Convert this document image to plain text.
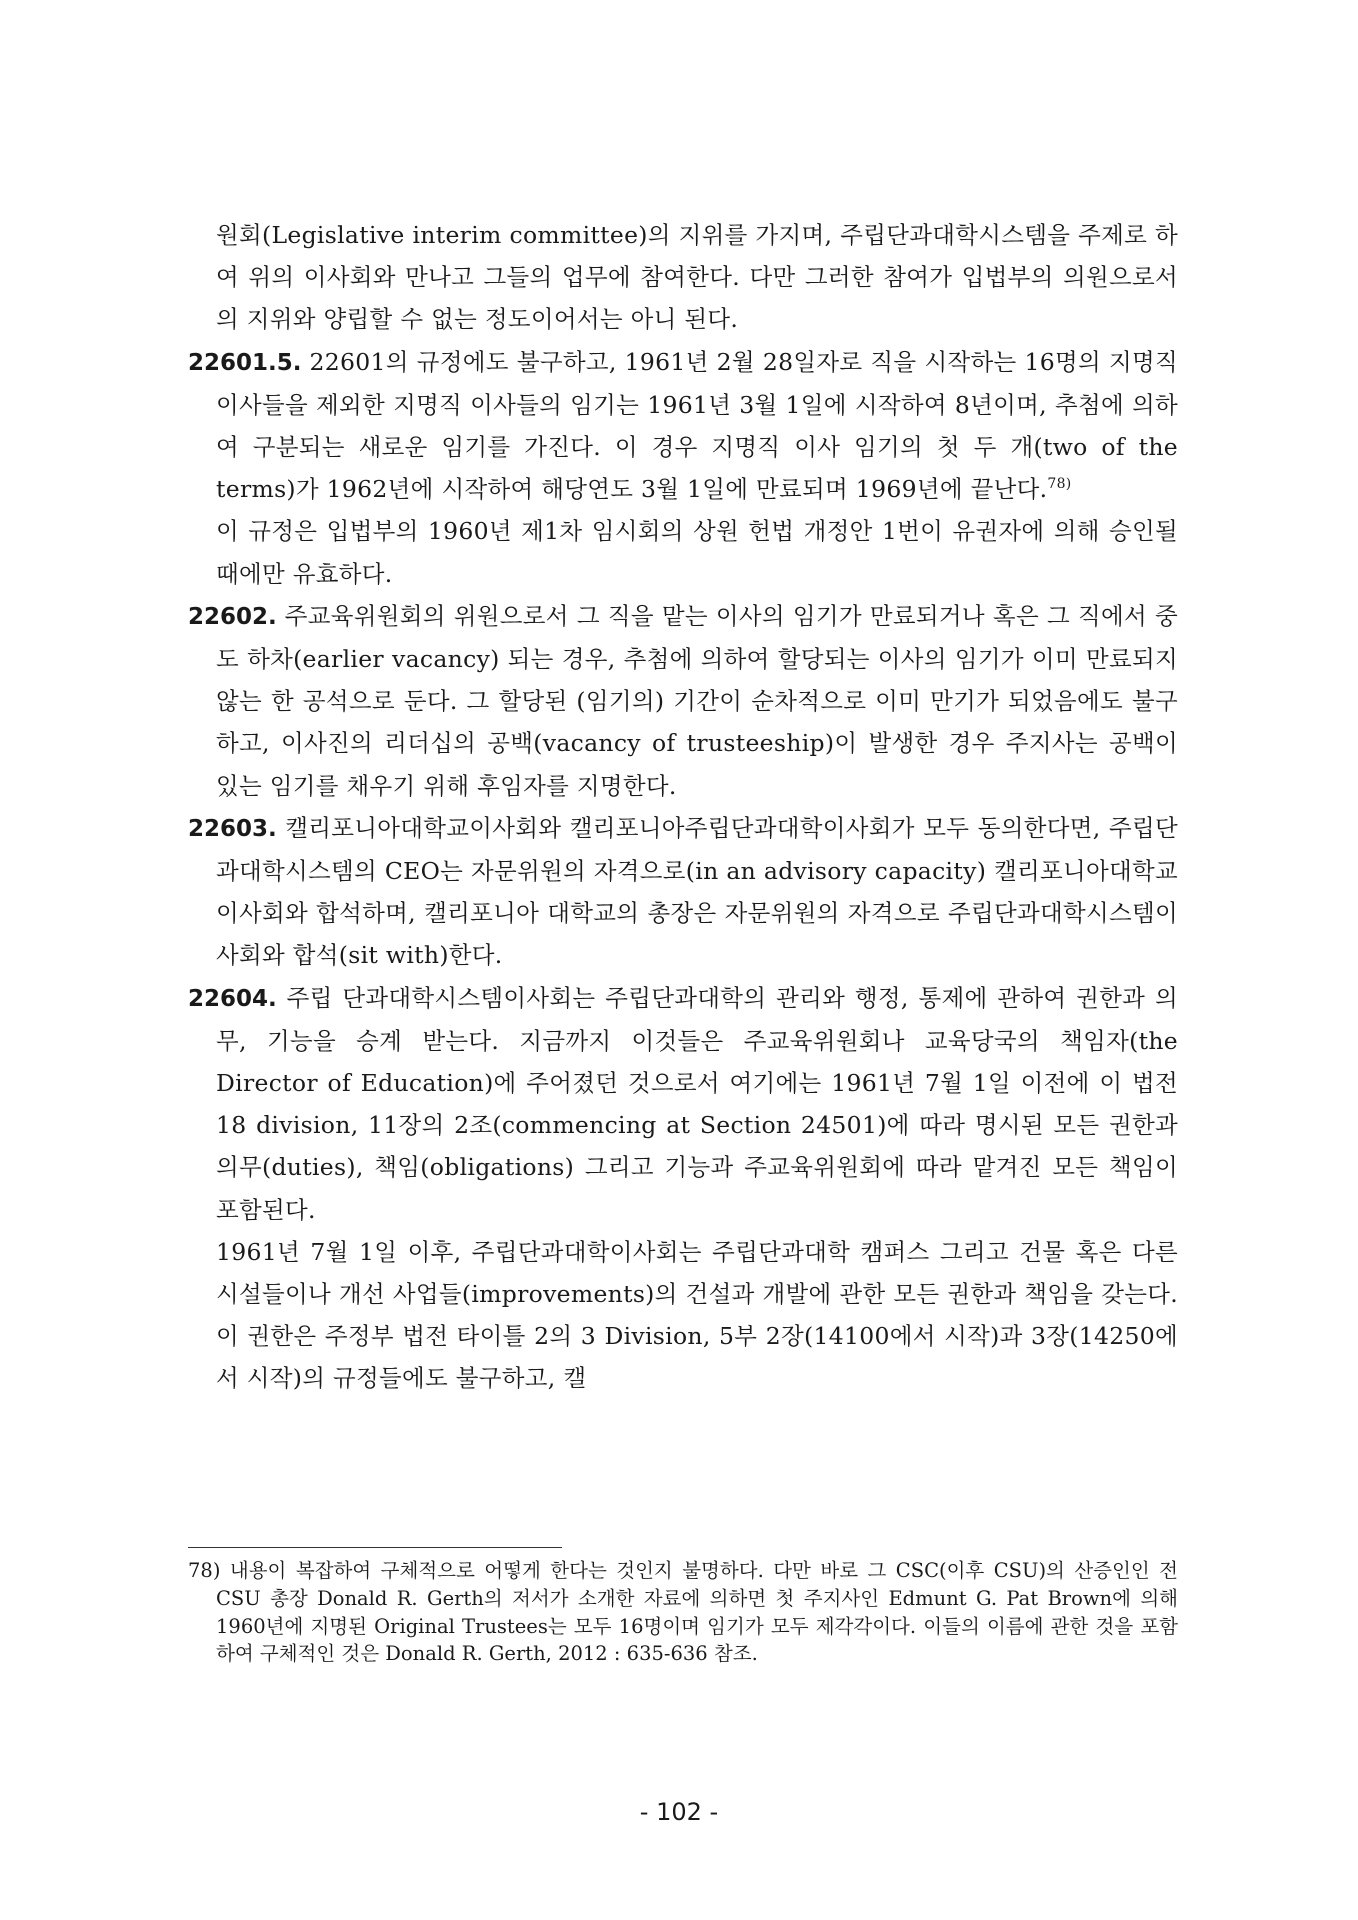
원회(Legislative interim committee)의 지위를 가지며, 주립단과대학시스템을 주제로 하여 위의 이사회와 만나고 그들의 업무에 참여한다. 다만 그러한 참여가 입법부의 의원으로서의 지위와 양립할 수 없는 정도이어서는 아니 된다.

22601.5. 22601의 규정에도 불구하고, 1961년 2월 28일자로 직을 시작하는 16명의 지명직 이사들을 제외한 지명직 이사들의 임기는 1961년 3월 1일에 시작하여 8년이며, 추첨에 의하여 구분되는 새로운 임기를 가진다. 이 경우 지명직 이사 임기의 첫 두 개(two of the terms)가 1962년에 시작하여 해당연도 3월 1일에 만료되며 1969년에 끝난다.$^{78)}$

이 규정은 입법부의 1960년 제1차 임시회의 상원 헌법 개정안 1번이 유권자에 의해 승인될 때에만 유효하다.

22602. 주교육위원회의 위원으로서 그 직을 맡는 이사의 임기가 만료되거나 혹은 그 직에서 중도 하차(earlier vacancy) 되는 경우, 추첨에 의하여 할당되는 이사의 임기가 이미 만료되지 않는 한 공석으로 둔다. 그 할당된 (임기의) 기간이 순차적으로 이미 만기가 되었음에도 불구하고, 이사진의 리더십의 공백(vacancy of trusteeship)이 발생한 경우 주지사는 공백이 있는 임기를 채우기 위해 후임자를 지명한다.

22603. 캘리포니아대학교이사회와 캘리포니아주립단과대학이사회가 모두 동의한다면, 주립단과대학시스템의 CEO는 자문위원의 자격으로(in an advisory capacity) 캘리포니아대학교이사회와 합석하며, 캘리포니아 대학교의 총장은 자문위원의 자격으로 주립단과대학시스템이사회와 합석(sit with)한다.

22604. 주립 단과대학시스템이사회는 주립단과대학의 관리와 행정, 통제에 관하여 권한과 의무, 기능을 승계 받는다. 지금까지 이것들은 주교육위원회나 교육당국의 책임자(the Director of Education)에 주어졌던 것으로서 여기에는 1961년 7월 1일 이전에 이 법전 18 division, 11장의 2조(commencing at Section 24501)에 따라 명시된 모든 권한과 의무(duties), 책임(obligations) 그리고 기능과 주교육위원회에 따라 맡겨진 모든 책임이 포함된다.

1961년 7월 1일 이후, 주립단과대학이사회는 주립단과대학 캠퍼스 그리고 건물 혹은 다른 시설들이나 개선 사업들(improvements)의 건설과 개발에 관한 모든 권한과 책임을 갖는다. 이 권한은 주정부 법전 타이틀 2의 3 Division, 5부 2장(14100에서 시작)과 3장(14250에서 시작)의 규정들에도 불구하고, 캘

78) 내용이 복잡하여 구체적으로 어떻게 한다는 것인지 불명하다. 다만 바로 그 CSC(이후 CSU)의 산증인인 전 CSU 총장 Donald R. Gerth의 저서가 소개한 자료에 의하면 첫 주지사인 Edmunt G. Pat Brown에 의해 1960년에 지명된 Original Trustees는 모두 16명이며 임기가 모두 제각각이다. 이들의 이름에 관한 것을 포함하여 구체적인 것은 Donald R. Gerth, 2012 : 635-636 참조.
- 102 -
